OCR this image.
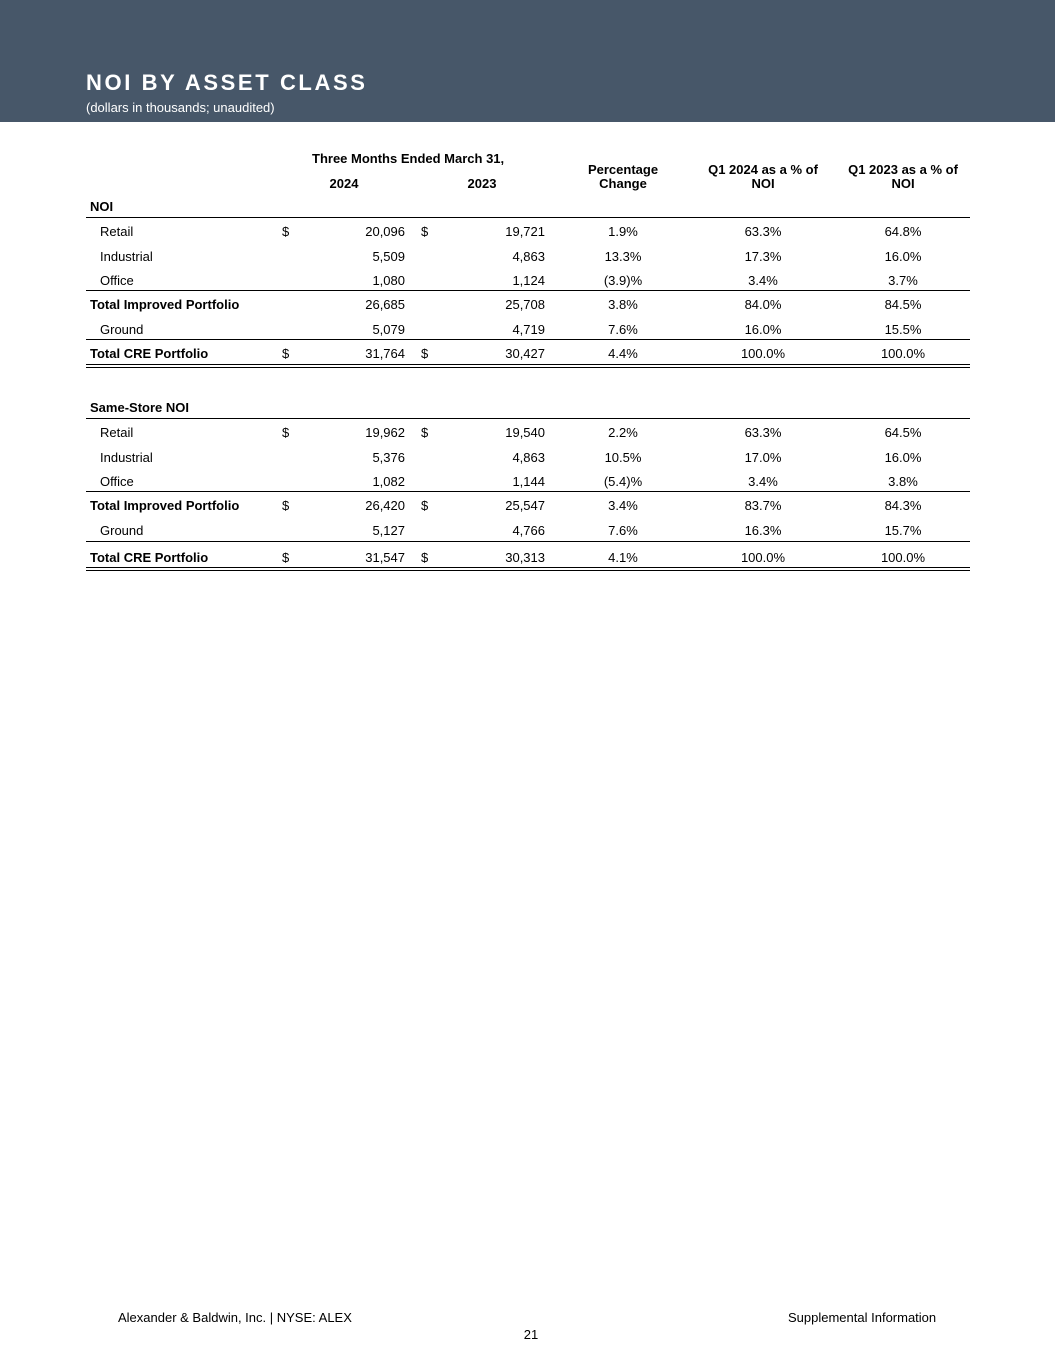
NOI BY ASSET CLASS
(dollars in thousands; unaudited)
Three Months Ended March 31,
2024	2023
Percentage
Change
Q1 2024 as a % of
NOI
Q1 2023 as a % of
NOI
NOI
Retail	$	20,096 $	19,721	1.9%	63.3%	64.8%
Industrial	5,509	4,863	13.3%	17.3%	16.0%
Office	1,080	1,124	(3.9)%	3.4%	3.7%
Total Improved Portfolio	26,685	25,708	3.8%	84.0%	84.5%
Ground	5,079	4,719	7.6%	16.0%	15.5%
Total CRE Portfolio	$	31,764 $	30,427	4.4%	100.0%	100.0%
Same-Store NOI
Retail	$	19,962 $	19,540	2.2%	63.3%	64.5%
Industrial	5,376	4,863	10.5%	17.0%	16.0%
Office	1,082	1,144	(5.4)%	3.4%	3.8%
Total Improved Portfolio	$	26,420 $	25,547	3.4%	83.7%	84.3%
Ground	5,127	4,766	7.6%	16.3%	15.7%
Total CRE Portfolio	$	31,547 $	30,313	4.1%	100.0%	100.0%
Alexander & Baldwin, Inc. | NYSE: ALEX	Supplemental Information
21
